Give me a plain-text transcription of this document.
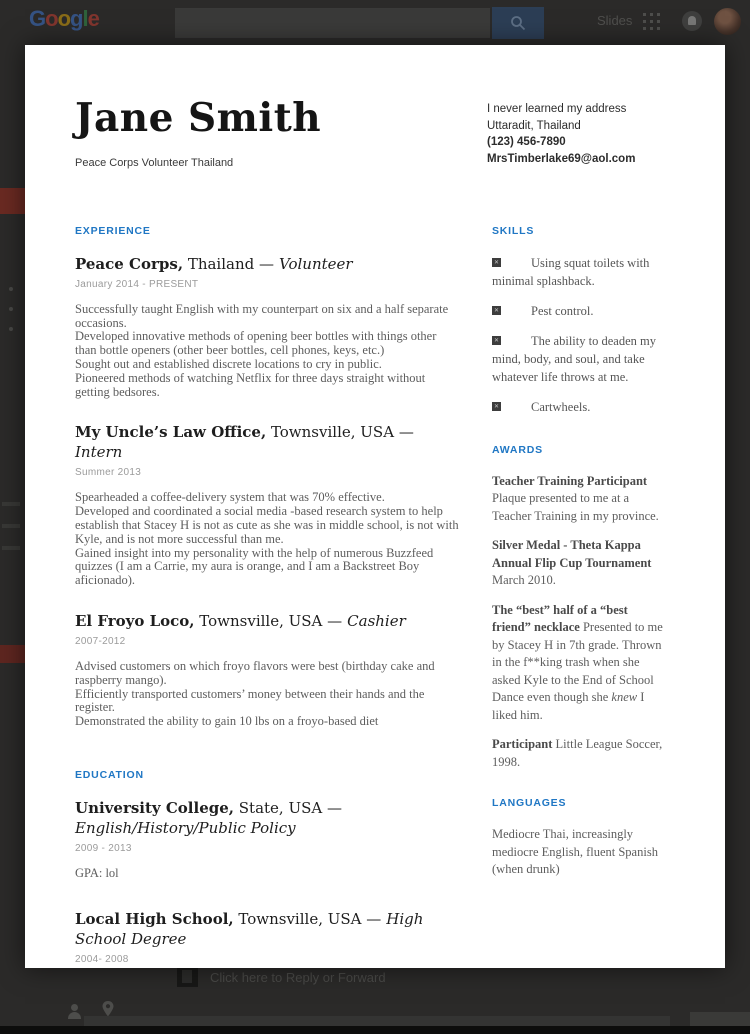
Google	Slides
Click here to Reply or Forward
Jane Smith
Peace Corps Volunteer Thailand
I never learned my address
Uttaradit, Thailand
(123) 456-7890
MrsTimberlake69@aol.com
EXPERIENCE
Peace Corps, Thailand — Volunteer
January 2014 - PRESENT
Successfully taught English with my counterpart on six and a half separate occasions.
Developed innovative methods of opening beer bottles with things other than bottle openers (other beer bottles, cell phones, keys, etc.)
Sought out and established discrete locations to cry in public.
Pioneered methods of watching Netflix for three days straight without getting bedsores.
My Uncle’s Law Office, Townsville, USA —Intern
Summer 2013
Spearheaded a coffee-delivery system that was 70% effective.
Developed and coordinated a social media -based research system to help establish that Stacey H is not as cute as she was in middle school, is not with Kyle, and is not more successful than me.
Gained insight into my personality with the help of numerous Buzzfeed quizzes (I am a Carrie, my aura is orange, and I am a Backstreet Boy aficionado).
El Froyo Loco, Townsville, USA — Cashier
2007-2012
Advised customers on which froyo flavors were best (birthday cake and raspberry mango).
Efficiently transported customers’ money between their hands and the register.
Demonstrated the ability to gain 10 lbs on a froyo-based diet
EDUCATION
University College, State, USA —English/History/Public Policy
2009 - 2013
GPA: lol
Local High School, Townsville, USA — High School Degree
2004- 2008
SKILLS
✕Using squat toilets with minimal splashback.
✕Pest control.
✕The ability to deaden my mind, body, and soul, and take whatever life throws at me.
✕Cartwheels.
AWARDS

Teacher Training Participant Plaque presented to me at a Teacher Training in my province.

Silver Medal - Theta Kappa Annual Flip Cup Tournament March 2010.

The “best” half of a “best friend” necklace Presented to me by Stacey H in 7th grade. Thrown in the f**king trash when she asked Kyle to the End of School Dance even though she knew I liked him.

Participant Little League Soccer, 1998.

LANGUAGES
Mediocre Thai, increasingly mediocre English, fluent Spanish (when drunk)
